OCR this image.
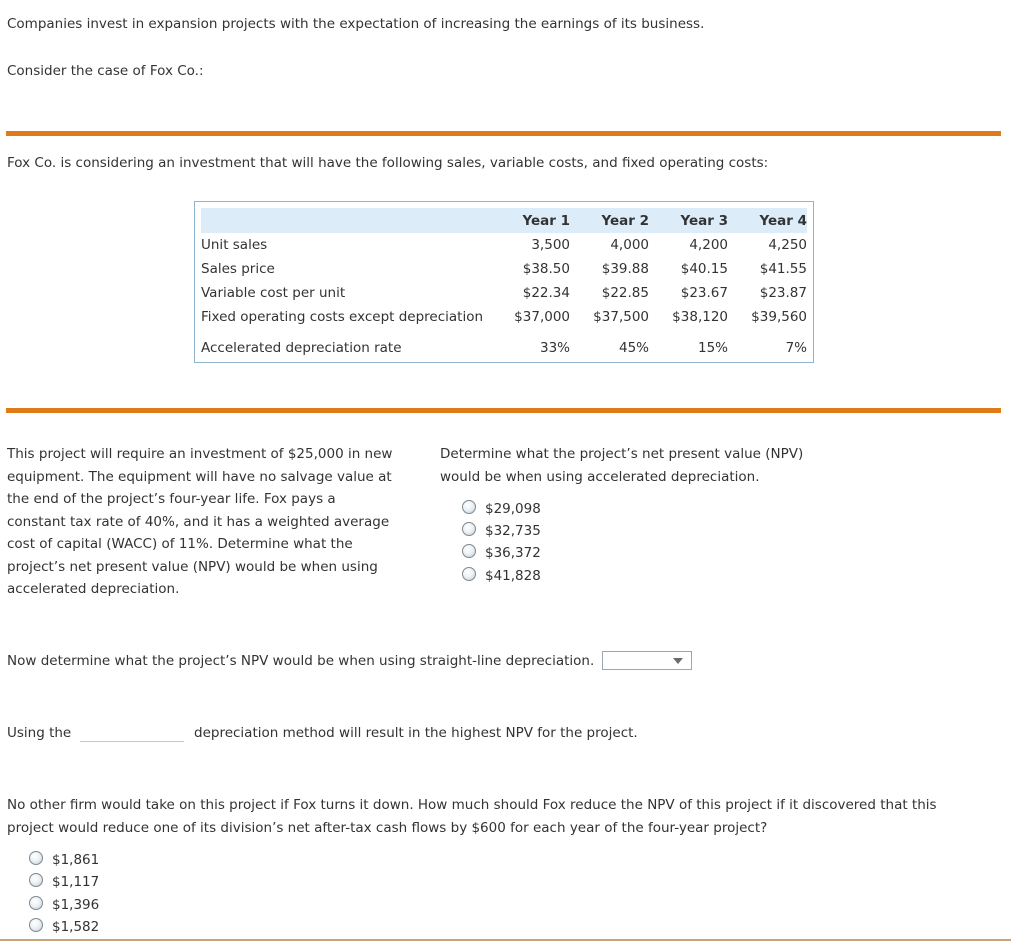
Companies invest in expansion projects with the expectation of increasing the earnings of its business.

Consider the case of Fox Co.:

Fox Co. is considering an investment that will have the following sales, variable costs, and fixed operating costs:

	Year 1	Year 2	Year 3	Year 4
Unit sales	3,500	4,000	4,200	4,250
Sales price	$38.50	$39.88	$40.15	$41.55
Variable cost per unit	$22.34	$22.85	$23.67	$23.87
Fixed operating costs except depreciation	$37,000	$37,500	$38,120	$39,560

Accelerated depreciation rate	33%	45%	15%	7%

This project will require an investment of $25,000 in new

equipment. The equipment will have no salvage value at

the end of the project’s four-year life. Fox pays a

constant tax rate of 40%, and it has a weighted average

cost of capital (WACC) of 11%. Determine what the

project’s net present value (NPV) would be when using

accelerated depreciation.

Determine what the project’s net present value (NPV)

would be when using accelerated depreciation.

$29,098
$32,735
$36,372
$41,828

Now determine what the project’s NPV would be when using straight-line depreciation.

Using the	depreciation method will result in the highest NPV for the project.

No other firm would take on this project if Fox turns it down. How much should Fox reduce the NPV of this project if it discovered that this

project would reduce one of its division’s net after-tax cash flows by $600 for each year of the four-year project?

$1,861
$1,117
$1,396
$1,582
